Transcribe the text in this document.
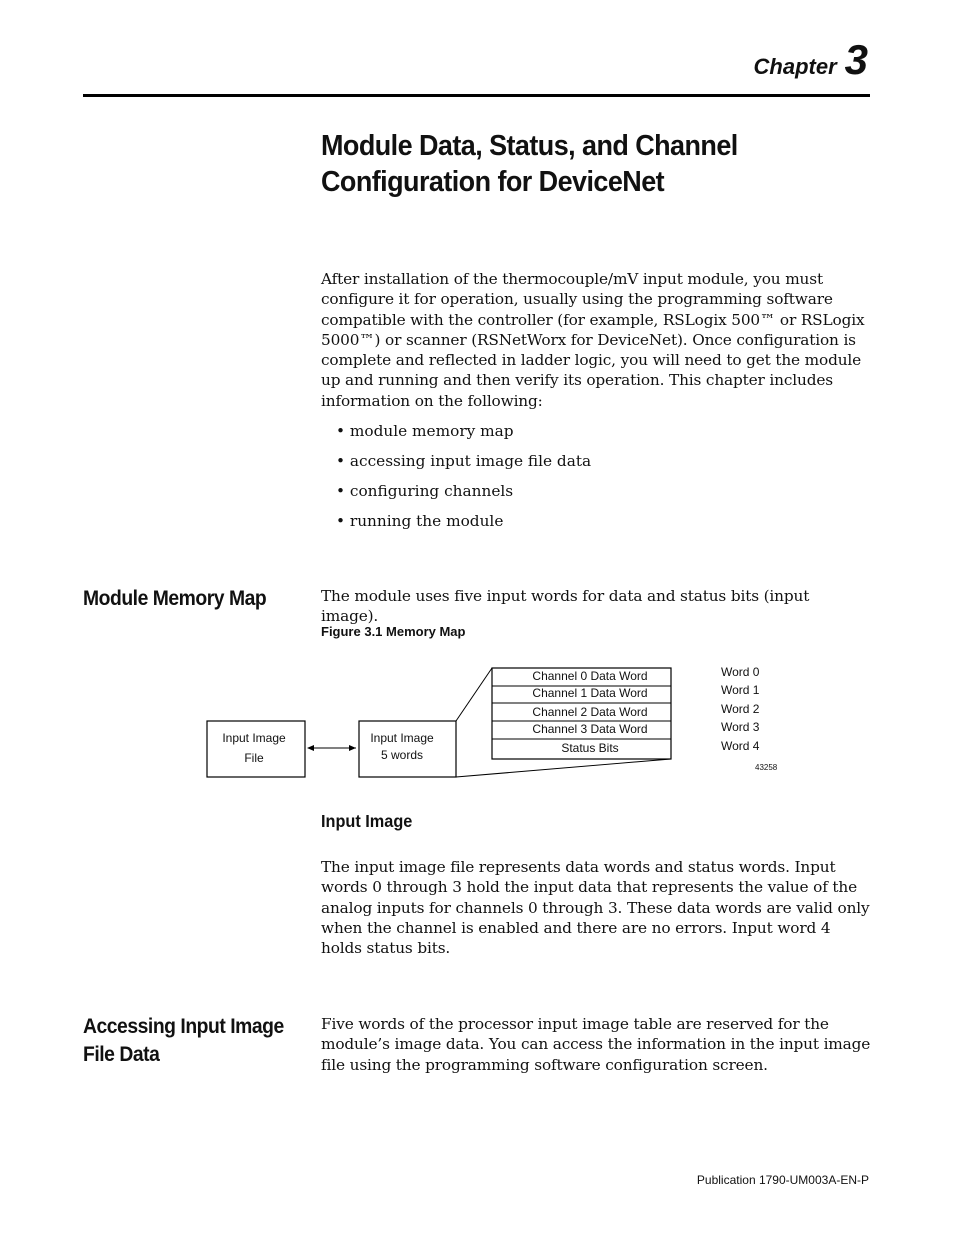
Chapter 3
Module Data, Status, and Channel Configuration for DeviceNet
After installation of the thermocouple/mV input module, you must configure it for operation, usually using the programming software compatible with the controller (for example, RSLogix 500™ or RSLogix 5000™) or scanner (RSNetWorx for DeviceNet). Once configuration is complete and reflected in ladder logic, you will need to get the module up and running and then verify its operation. This chapter includes information on the following:
• module memory map
• accessing input image file data
• configuring channels
• running the module
Module Memory Map	The module uses five input words for data and status bits (input image).
Figure 3.1 Memory Map
Input Image
File
Input Image
5 words
Channel 0 Data Word
Channel 1 Data Word
Channel 2 Data Word
Channel 3 Data Word
Status Bits
Word 0
Word 1
Word 2
Word 3
Word 4
43258
Input Image
The input image file represents data words and status words. Input words 0 through 3 hold the input data that represents the value of the analog inputs for channels 0 through 3. These data words are valid only when the channel is enabled and there are no errors. Input word 4 holds status bits.
Accessing Input Image
File Data
Five words of the processor input image table are reserved for the module’s image data. You can access the information in the input image file using the programming software configuration screen.
Publication 1790-UM003A-EN-P
